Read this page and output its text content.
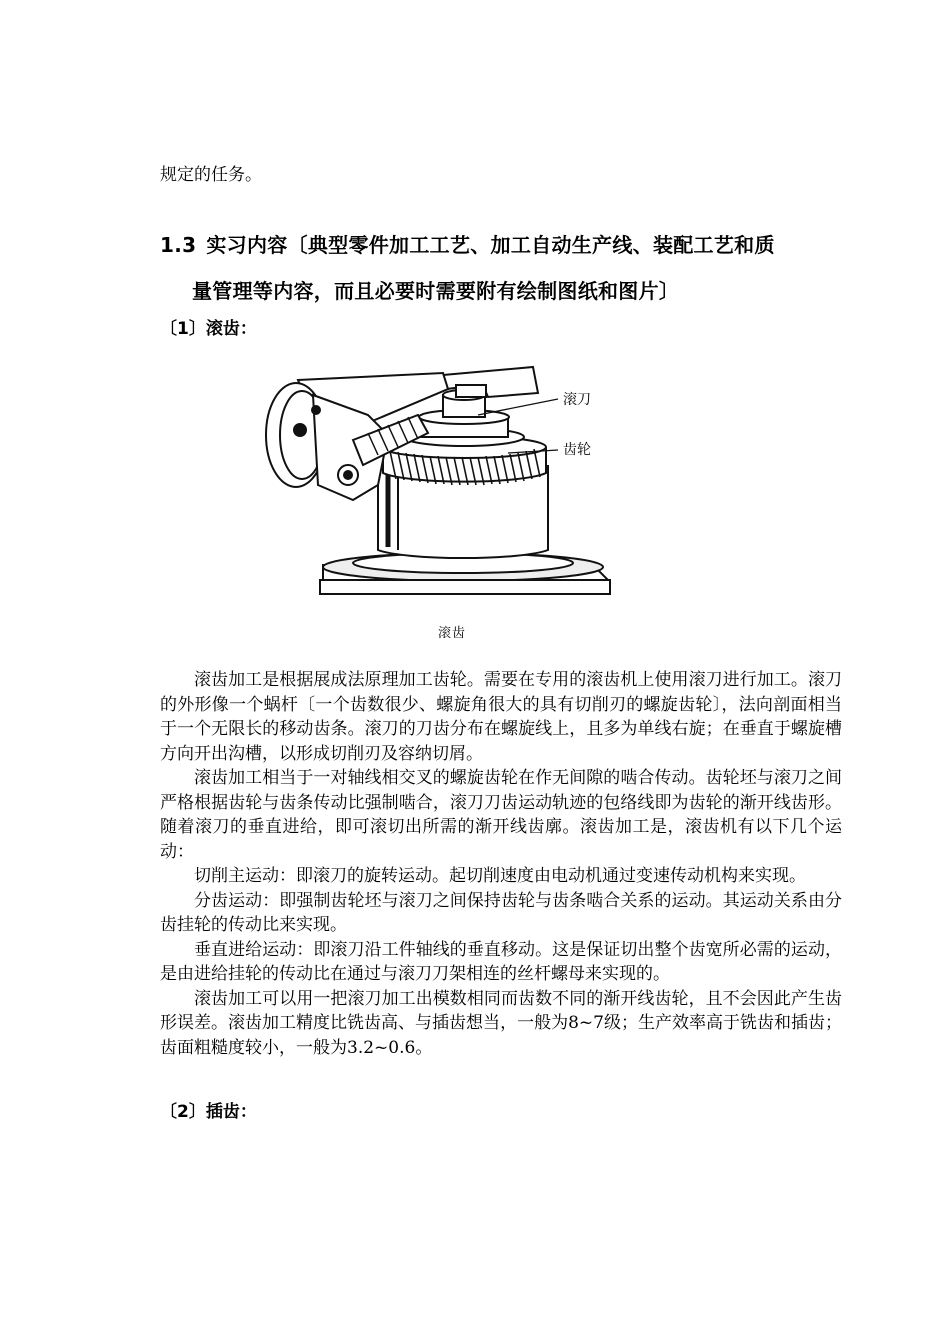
规定的任务。
1.3 实习内容〔典型零件加工工艺、加工自动生产线、装配工艺和质
量管理等内容，而且必要时需要附有绘制图纸和图片〕
〔1〕滚齿：
滚刀
齿轮
滚齿

滚齿加工是根据展成法原理加工齿轮。需要在专用的滚齿机上使用滚刀进行加工。滚刀的外形像一个蜗杆〔一个齿数很少、螺旋角很大的具有切削刃的螺旋齿轮〕，法向剖面相当于一个无限长的移动齿条。滚刀的刀齿分布在螺旋线上，且多为单线右旋；在垂直于螺旋槽方向开出沟槽，以形成切削刃及容纳切屑。

滚齿加工相当于一对轴线相交叉的螺旋齿轮在作无间隙的啮合传动。齿轮坯与滚刀之间严格根据齿轮与齿条传动比强制啮合，滚刀刀齿运动轨迹的包络线即为齿轮的渐开线齿形。随着滚刀的垂直进给，即可滚切出所需的渐开线齿廓。滚齿加工是，滚齿机有以下几个运动：

切削主运动：即滚刀的旋转运动。起切削速度由电动机通过变速传动机构来实现。

分齿运动：即强制齿轮坯与滚刀之间保持齿轮与齿条啮合关系的运动。其运动关系由分齿挂轮的传动比来实现。

垂直进给运动：即滚刀沿工件轴线的垂直移动。这是保证切出整个齿宽所必需的运动，是由进给挂轮的传动比在通过与滚刀刀架相连的丝杆螺母来实现的。

滚齿加工可以用一把滚刀加工出模数相同而齿数不同的渐开线齿轮，且不会因此产生齿形误差。滚齿加工精度比铣齿高、与插齿想当，一般为8~7级；生产效率高于铣齿和插齿；齿面粗糙度较小，一般为3.2~0.6。

〔2〕插齿：
